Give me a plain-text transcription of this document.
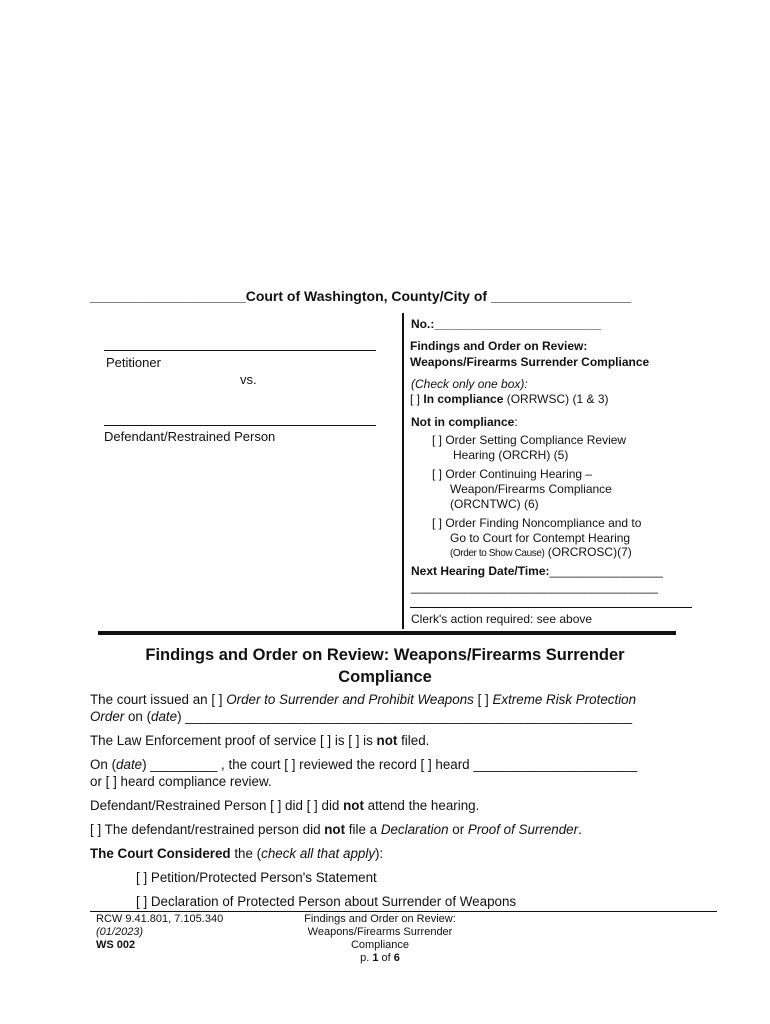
____________________Court of Washington, County/City of __________________
Petitioner
vs.
Defendant/Restrained Person
No.:_________________________
Findings and Order on Review:
Weapons/Firearms Surrender Compliance
(Check only one box):
[ ] In compliance (ORRWSC) (1 & 3)
Not in compliance:
[ ] Order Setting Compliance Review
Hearing (ORCRH) (5)
[ ] Order Continuing Hearing –
Weapon/Firearms Compliance
(ORCNTWC) (6)
[ ] Order Finding Noncompliance and to
Go to Court for Contempt Hearing
(Order to Show Cause) (ORCROSC)(7)
Next Hearing Date/Time:_________________
_____________________________________
Clerk's action required: see above
Findings and Order on Review: Weapons/Firearms Surrender
Compliance

The court issued an [ ] Order to Surrender and Prohibit Weapons [ ] Extreme Risk Protection

Order on (date) ____________________________________________________________

The Law Enforcement proof of service [ ] is [ ] is not filed.

On (date) _________ , the court [ ] reviewed the record [ ] heard ______________________

or [ ] heard compliance review.

Defendant/Restrained Person [ ] did [ ] did not attend the hearing.

[ ] The defendant/restrained person did not file a Declaration or Proof of Surrender.

The Court Considered the (check all that apply):

[ ] Petition/Protected Person's Statement

[ ] Declaration of Protected Person about Surrender of Weapons

RCW 9.41.801, 7.105.340
(01/2023)
WS 002
Findings and Order on Review:
Weapons/Firearms Surrender
Compliance
p. 1 of 6
